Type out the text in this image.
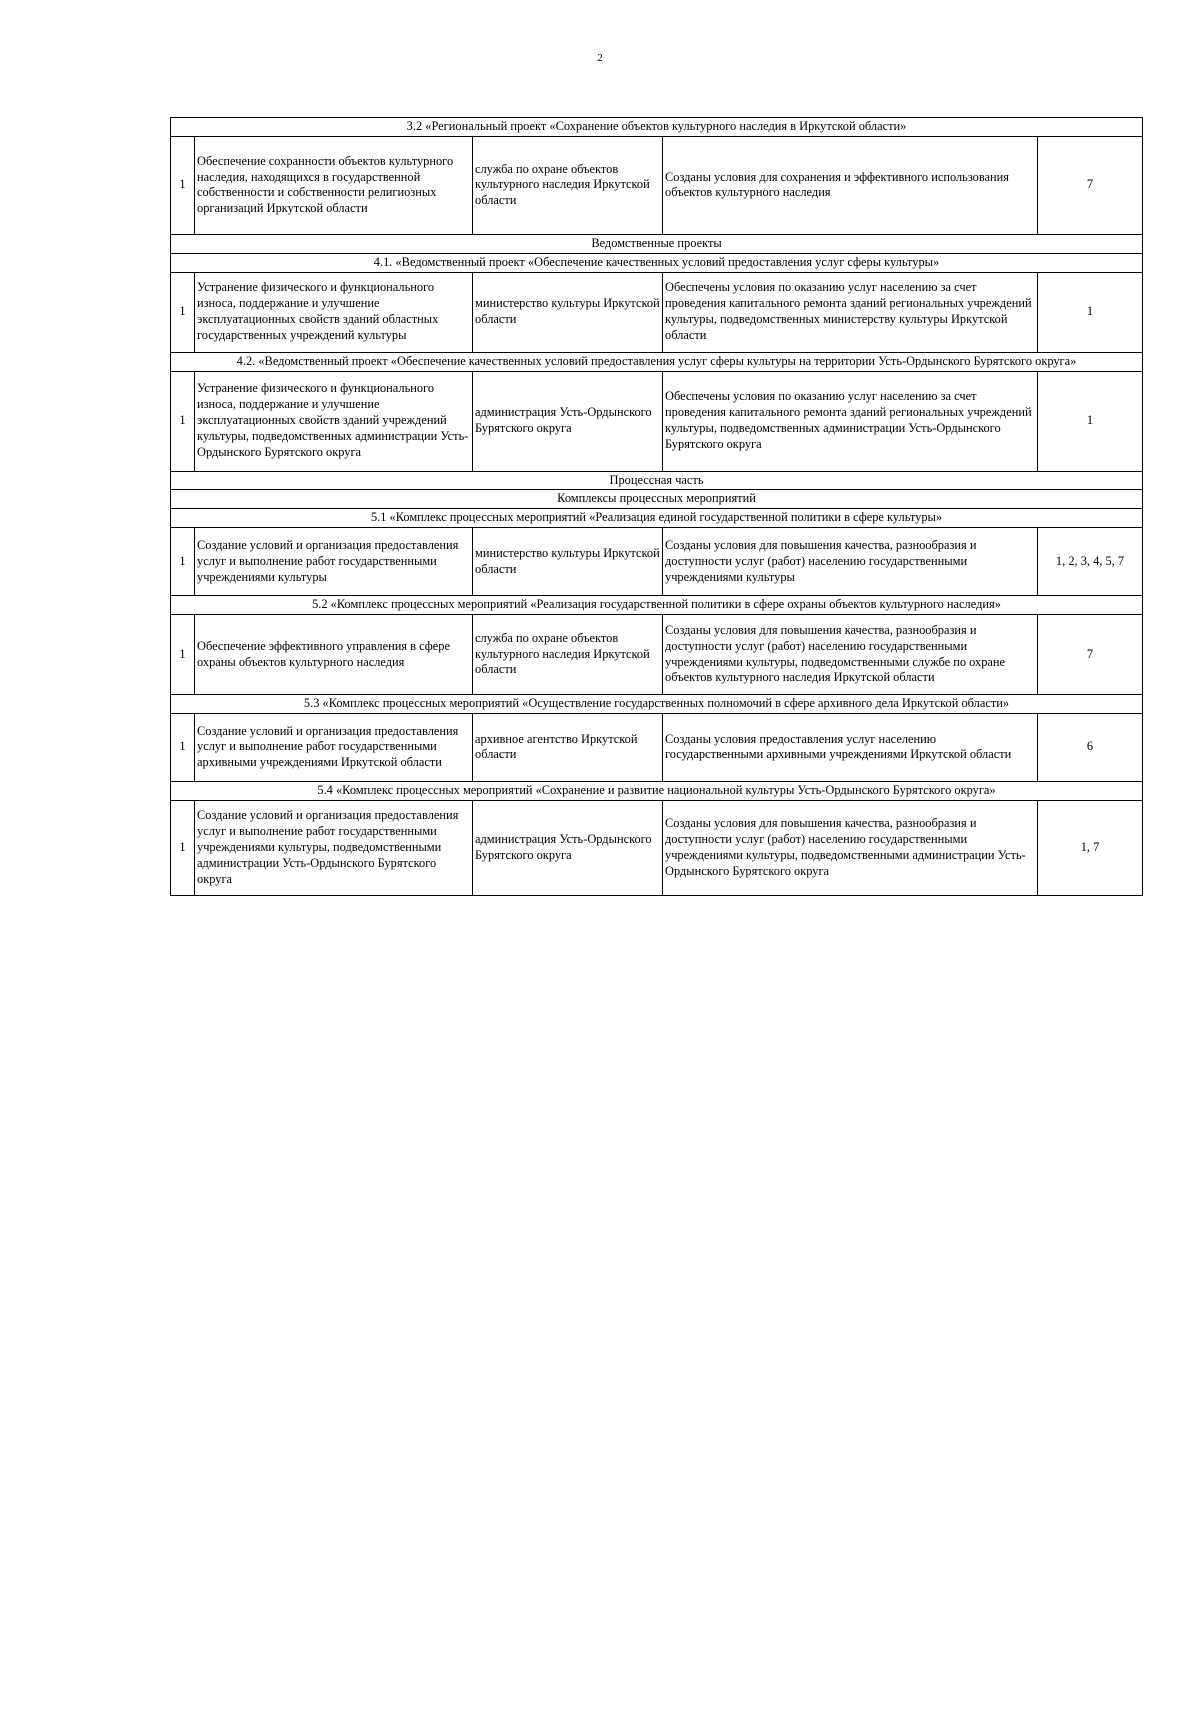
2
3.2 «Региональный проект «Сохранение объектов культурного наследия в Иркутской области»				
1	Обеспечение сохранности объектов культурного наследия, находящихся в государственной собственности и собственности религиозных организаций Иркутской области	служба по охране объектов культурного наследия Иркутской области	Созданы условия для сохранения и эффективного использования объектов культурного наследия	7
Ведомственные проекты				
4.1. «Ведомственный проект «Обеспечение качественных условий предоставления услуг сферы культуры»				
1	Устранение физического и функционального износа, поддержание и улучшение эксплуатационных свойств зданий областных государственных учреждений культуры	министерство культуры Иркутской области	Обеспечены условия по оказанию услуг населению за счет проведения капитального ремонта зданий региональных учреждений культуры, подведомственных министерству культуры Иркутской области	1
4.2. «Ведомственный проект «Обеспечение качественных условий предоставления услуг сферы культуры на территории Усть-Ордынского Бурятского округа»				
1	Устранение физического и функционального износа, поддержание и улучшение эксплуатационных свойств зданий учреждений культуры, подведомственных администрации Усть-Ордынского Бурятского округа	администрация Усть-Ордынского Бурятского округа	Обеспечены условия по оказанию услуг населению за счет проведения капитального ремонта зданий региональных учреждений культуры, подведомственных администрации Усть-Ордынского Бурятского округа	1
Процессная часть				
Комплексы процессных мероприятий				
5.1 «Комплекс процессных мероприятий «Реализация единой государственной политики в сфере культуры»				
1	Создание условий и организация предоставления услуг и выполнение работ государственными учреждениями культуры	министерство культуры Иркутской области	Созданы условия для повышения качества, разнообразия и доступности услуг (работ) населению государственными учреждениями культуры	1, 2, 3, 4, 5, 7
5.2 «Комплекс процессных мероприятий «Реализация государственной политики в сфере охраны объектов культурного наследия»				
1	Обеспечение эффективного управления в сфере охраны объектов культурного наследия	служба по охране объектов культурного наследия Иркутской области	Созданы условия для повышения качества, разнообразия и доступности услуг (работ) населению государственными учреждениями культуры, подведомственными службе по охране объектов культурного наследия Иркутской области	7
5.3 «Комплекс процессных мероприятий «Осуществление государственных полномочий в сфере архивного дела Иркутской области»				
1	Создание условий и организация предоставления услуг и выполнение работ государственными архивными учреждениями Иркутской области	архивное агентство Иркутской области	Созданы условия предоставления услуг населению государственными архивными учреждениями Иркутской области	6
5.4 «Комплекс процессных мероприятий «Сохранение и развитие национальной культуры Усть-Ордынского Бурятского округа»				
1	Создание условий и организация предоставления услуг и выполнение работ государственными учреждениями культуры, подведомственными администрации Усть-Ордынского Бурятского округа	администрация Усть-Ордынского Бурятского округа	Созданы условия для повышения качества, разнообразия и доступности услуг (работ) населению государственными учреждениями культуры, подведомственными администрации Усть-Ордынского Бурятского округа	1, 7
